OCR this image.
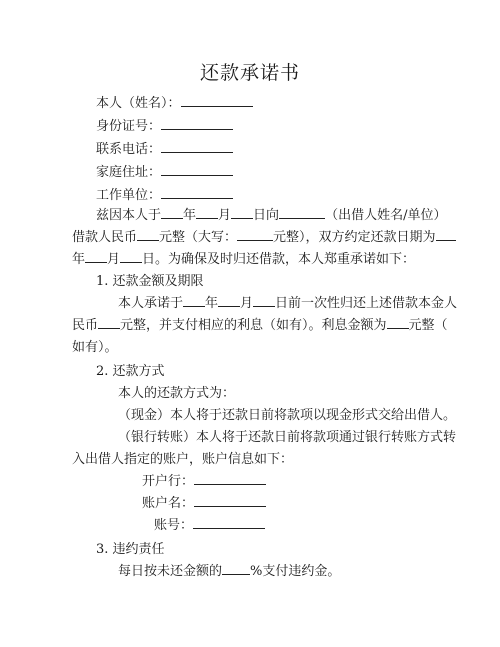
还款承诺书
本人（姓名）：
身份证号：
联系电话：
家庭住址：
工作单位：
兹因本人于 年 月 日向	（出借人姓名/单位）
借款人民币 元整（大写：	元整），双方约定还款日期为
年 月 日。为确保及时归还借款，本人郑重承诺如下：
1. 还款金额及期限
本人承诺于 年 月 日前一次性归还上述借款本金人
民币 元整，并支付相应的利息（如有）。利息金额为 元整（
如有）。
2. 还款方式
本人的还款方式为：
（现金）本人将于还款日前将款项以现金形式交给出借人。
（银行转账）本人将于还款日前将款项通过银行转账方式转
入出借人指定的账户，账户信息如下：
开户行：
账户名：
账号：
3. 违约责任
每日按未还金额的 %支付违约金。
